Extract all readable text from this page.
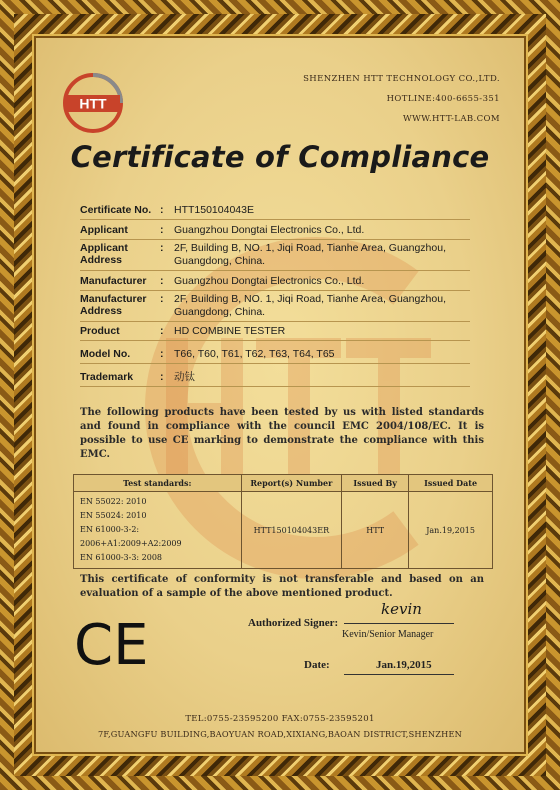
HTT
SHENZHEN HTT TECHNOLOGY CO.,LTD.
HOTLINE:400-6655-351
WWW.HTT-LAB.COM
Certificate of Compliance
Certificate No. : HTT150104043E
Applicant	: Guangzhou Dongtai Electronics Co., Ltd.
Applicant Address
: 2F, Building B, NO. 1, Jiqi Road, Tianhe Area, Guangzhou, Guangdong, China.
Manufacturer	: Guangzhou Dongtai Electronics Co., Ltd.
Manufacturer Address
: 2F, Building B, NO. 1, Jiqi Road, Tianhe Area, Guangzhou, Guangdong, China.
Product	: HD COMBINE TESTER
Model No.	: T66, T60, T61, T62, T63, T64, T65
Trademark	: 动钛
The following products have been tested by us with listed standards and found in compliance with the council EMC 2004/108/EC. It is possible to use CE marking to demonstrate the compliance with this EMC.
Test standards:	Report(s) Number	Issued By	Issued Date

EN 55022: 2010
EN 55024: 2010
EN 61000-3-2: 2006+A1:2009+A2:2009
EN 61000-3-3: 2008	HTT150104043ER	HTT	Jan.19,2015
This certificate of conformity is not transferable and based on an evaluation of a sample of the above mentioned product.
CE	Authorized Signer:
kevin
Kevin/Senior Manager
Date:	Jan.19,2015
TEL:0755-23595200 FAX:0755-23595201
7F,GUANGFU BUILDING,BAOYUAN ROAD,XIXIANG,BAOAN DISTRICT,SHENZHEN
